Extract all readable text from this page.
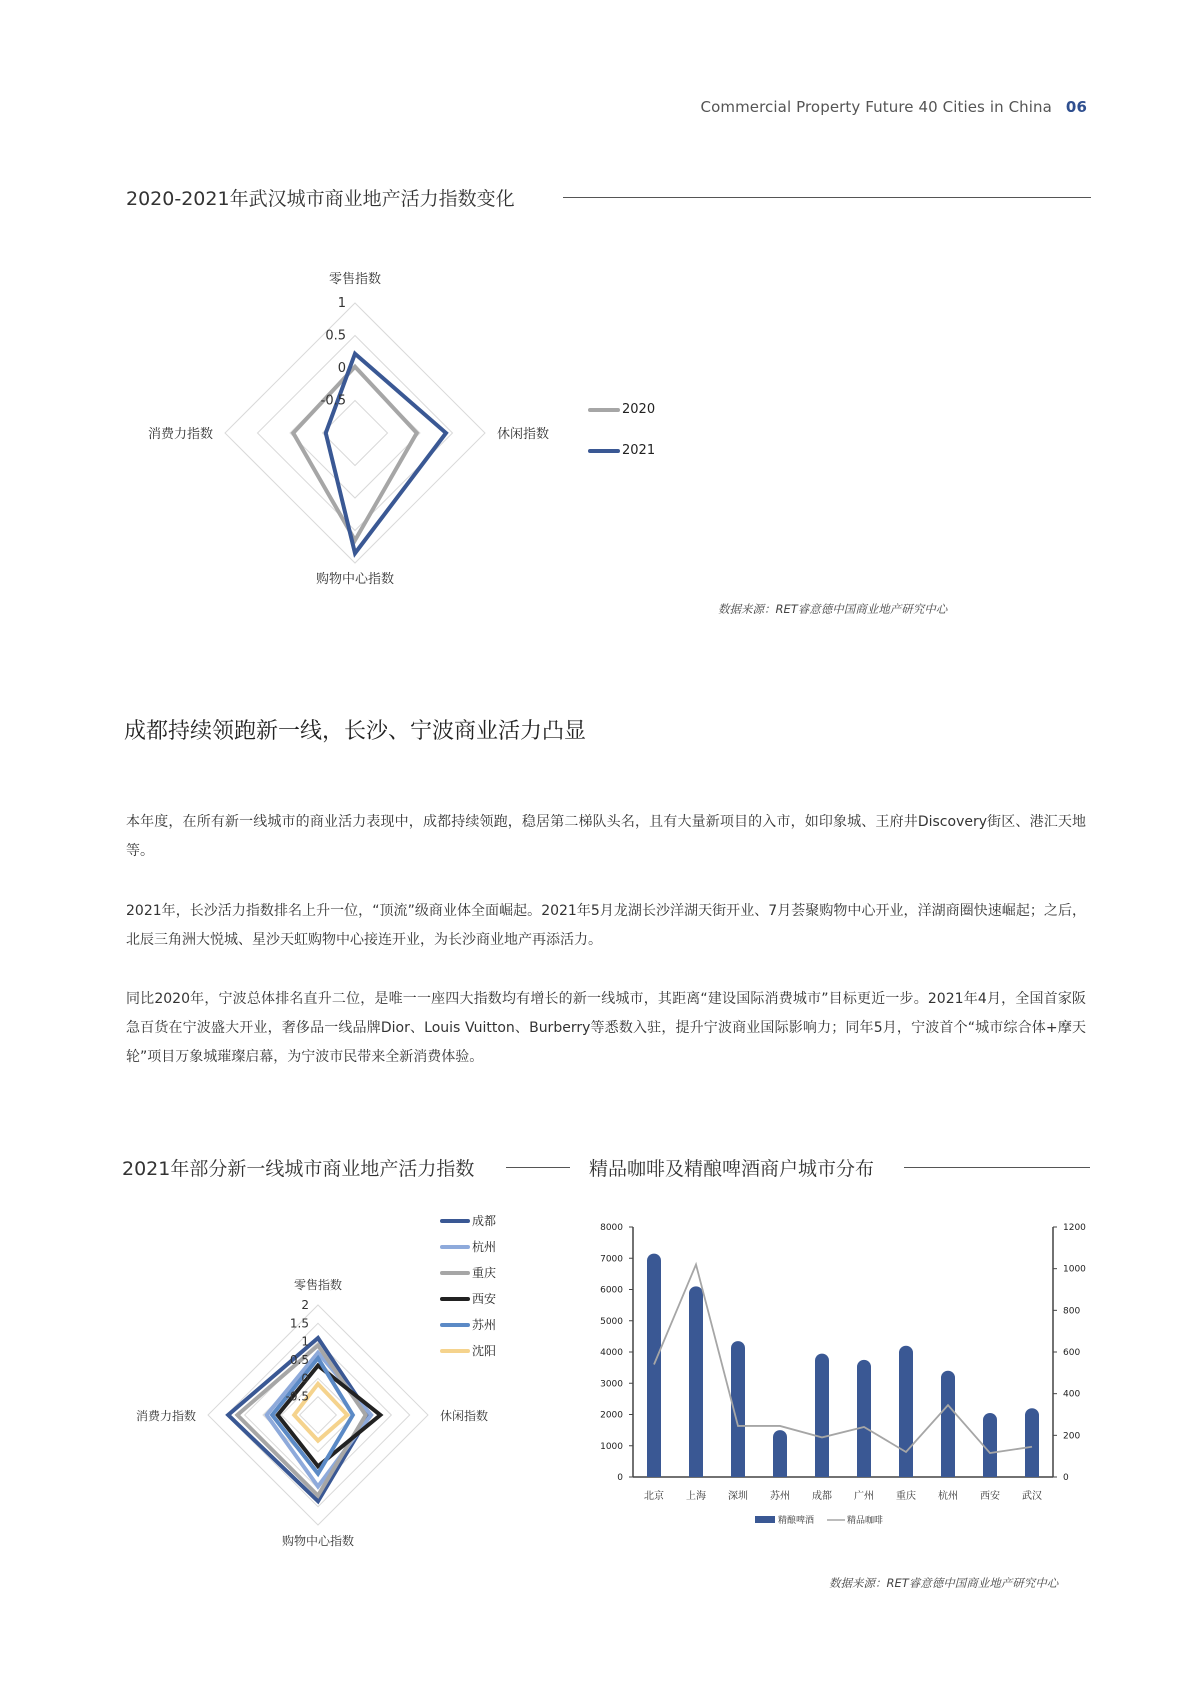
Commercial Property Future 40 Cities in China 06
2020-2021年武汉城市商业地产活力指数变化
1
0.5
0
-0.5
零售指数
休闲指数
购物中心指数
消费力指数
2020
2021
数据来源：RET睿意德中国商业地产研究中心
成都持续领跑新一线，长沙、宁波商业活力凸显

本年度，在所有新一线城市的商业活力表现中，成都持续领跑，稳居第二梯队头名，且有大量新项目的入市，如印象城、王府井Discovery街区、港汇天地等。

2021年，长沙活力指数排名上升一位，“顶流”级商业体全面崛起。2021年5月龙湖长沙洋湖天街开业、7月荟聚购物中心开业，洋湖商圈快速崛起；之后，北辰三角洲大悦城、星沙天虹购物中心接连开业，为长沙商业地产再添活力。

同比2020年，宁波总体排名直升二位，是唯一一座四大指数均有增长的新一线城市，其距离“建设国际消费城市”目标更近一步。2021年4月，全国首家阪急百货在宁波盛大开业，奢侈品一线品牌Dior、Louis Vuitton、Burberry等悉数入驻，提升宁波商业国际影响力；同年5月，宁波首个“城市综合体+摩天轮”项目万象城璀璨启幕，为宁波市民带来全新消费体验。

2021年部分新一线城市商业地产活力指数	精品咖啡及精酿啤酒商户城市分布
2
1.5
1
0.5
0
-0.5
零售指数
休闲指数
购物中心指数
消费力指数
成都
杭州
重庆
西安
苏州
沈阳
8000
7000
6000
5000
4000
3000
2000
1000
0
1200
1000
800
600
400
200
0
北京 上海 深圳 苏州 成都 广州 重庆 杭州 西安 武汉
精酿啤酒	精品咖啡
数据来源：RET睿意德中国商业地产研究中心
